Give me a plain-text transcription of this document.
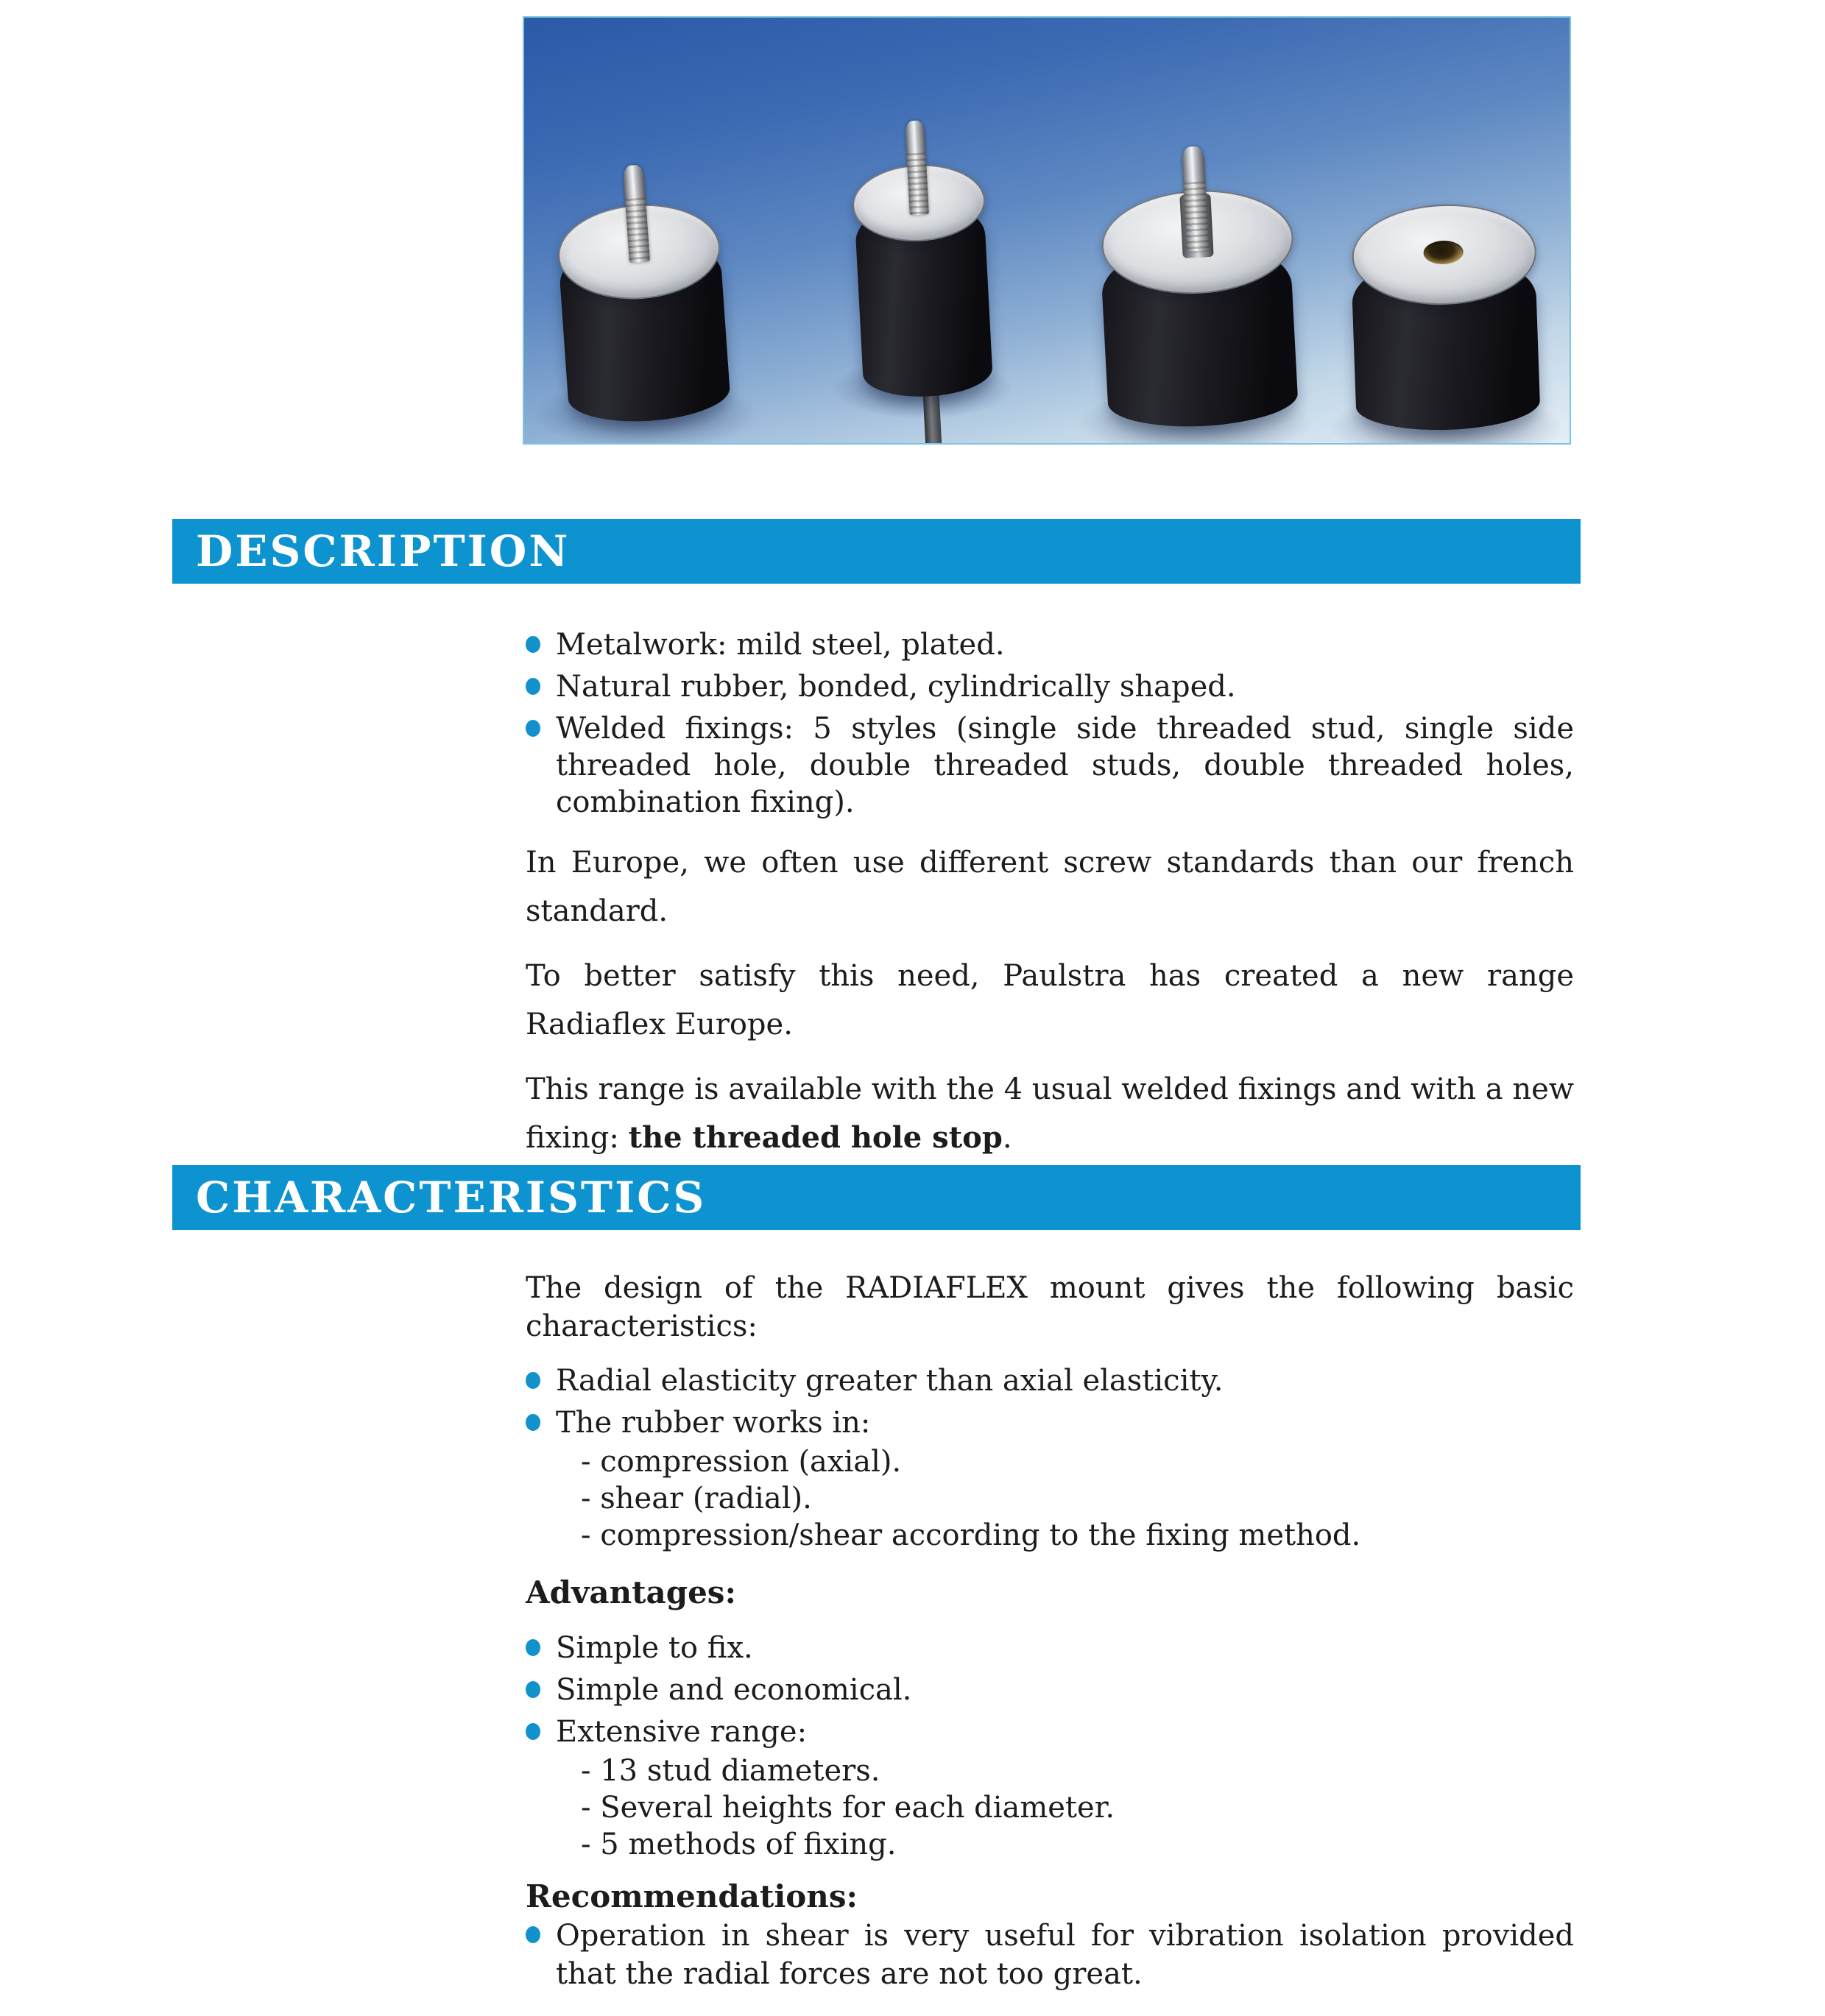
DESCRIPTION
Metalwork: mild steel, plated.
Natural rubber, bonded, cylindrically shaped.
Welded fixings: 5 styles (single side threaded stud, single side threaded hole, double threaded studs, double threaded holes, combination fixing).

In Europe, we often use different screw standards than our french standard.

To better satisfy this need, Paulstra has created a new range Radiaflex Europe.

This range is available with the 4 usual welded fixings and with a new fixing: the threaded hole stop.

CHARACTERISTICS

The design of the RADIAFLEX mount gives the following basic characteristics:

Radial elasticity greater than axial elasticity.
The rubber works in:
- compression (axial).
- shear (radial).
- compression/shear according to the fixing method.
Advantages:
Simple to fix.
Simple and economical.
Extensive range:
- 13 stud diameters.
- Several heights for each diameter.
- 5 methods of fixing.
Recommendations:
Operation in shear is very useful for vibration isolation provided that the radial forces are not too great.
